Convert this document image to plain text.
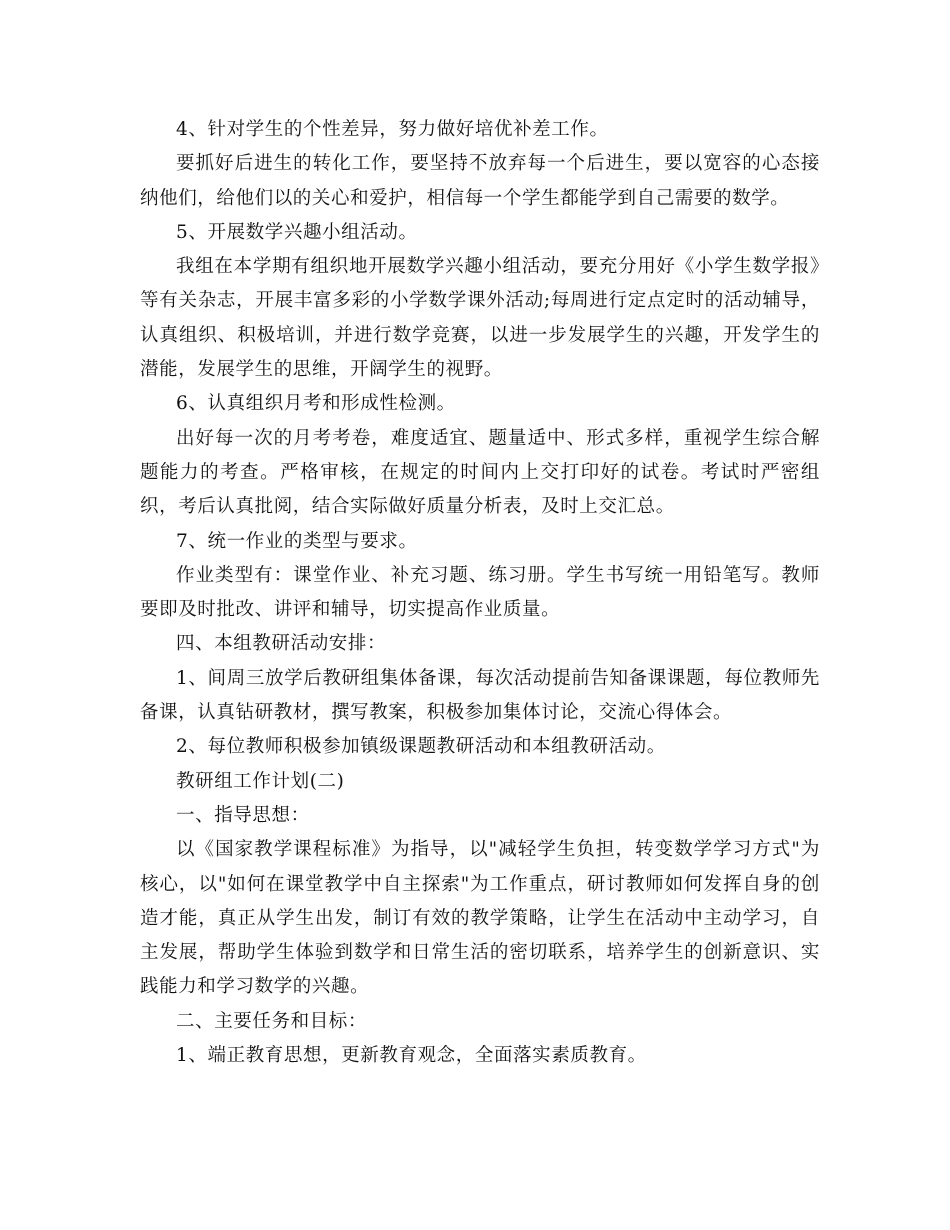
4、针对学生的个性差异，努力做好培优补差工作。

要抓好后进生的转化工作，要坚持不放弃每一个后进生，要以宽容的心态接纳他们，给他们以的关心和爱护，相信每一个学生都能学到自己需要的数学。

5、开展数学兴趣小组活动。

我组在本学期有组织地开展数学兴趣小组活动，要充分用好《小学生数学报》等有关杂志，开展丰富多彩的小学数学课外活动;每周进行定点定时的活动辅导，认真组织、积极培训，并进行数学竞赛，以进一步发展学生的兴趣，开发学生的潜能，发展学生的思维，开阔学生的视野。

6、认真组织月考和形成性检测。

出好每一次的月考考卷，难度适宜、题量适中、形式多样，重视学生综合解题能力的考查。严格审核，在规定的时间内上交打印好的试卷。考试时严密组织，考后认真批阅，结合实际做好质量分析表，及时上交汇总。

7、统一作业的类型与要求。

作业类型有：课堂作业、补充习题、练习册。学生书写统一用铅笔写。教师要即及时批改、讲评和辅导，切实提高作业质量。

四、本组教研活动安排：

1、间周三放学后教研组集体备课，每次活动提前告知备课课题，每位教师先备课，认真钻研教材，撰写教案，积极参加集体讨论，交流心得体会。

2、每位教师积极参加镇级课题教研活动和本组教研活动。

教研组工作计划(二)

一、指导思想：

以《国家教学课程标准》为指导，以"减轻学生负担，转变数学学习方式"为核心，以"如何在课堂教学中自主探索"为工作重点，研讨教师如何发挥自身的创造才能，真正从学生出发，制订有效的教学策略，让学生在活动中主动学习，自主发展，帮助学生体验到数学和日常生活的密切联系，培养学生的创新意识、实践能力和学习数学的兴趣。

二、主要任务和目标：

1、端正教育思想，更新教育观念，全面落实素质教育。
